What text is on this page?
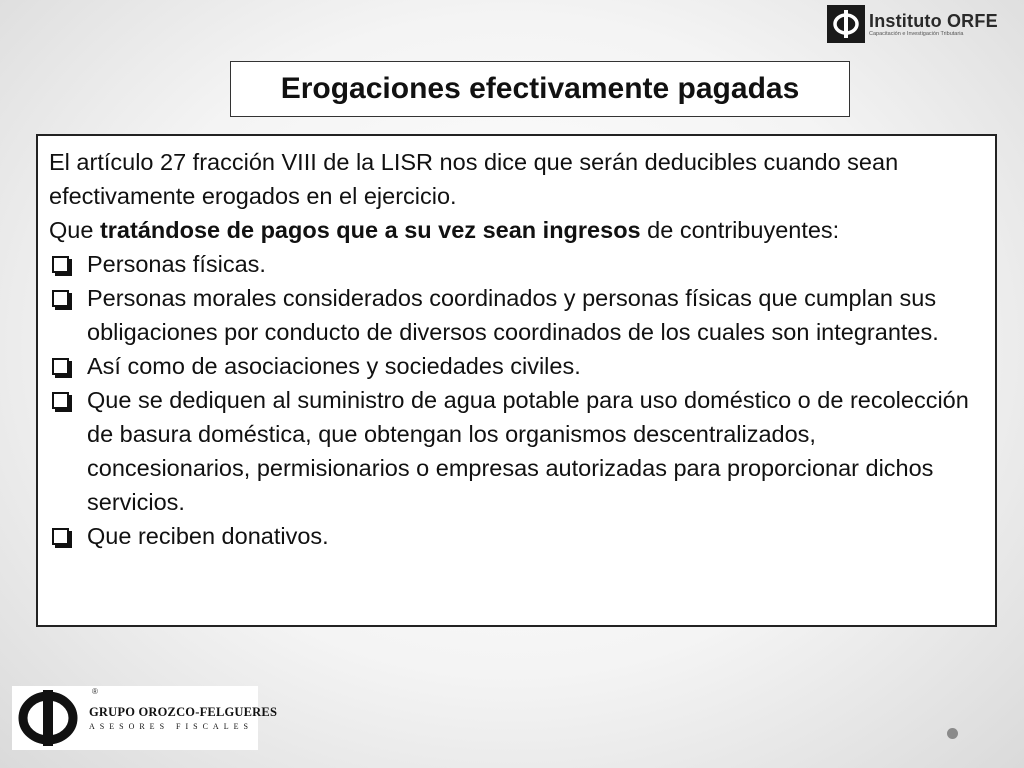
Instituto ORFE
Capacitación e Investigación Tributaria
Erogaciones efectivamente pagadas

El artículo 27 fracción VIII de la LISR nos dice que serán deducibles cuando sean efectivamente erogados en el ejercicio.

Que tratándose de pagos que a su vez sean ingresos de contribuyentes:

Personas físicas.
Personas morales considerados coordinados y personas físicas que cumplan sus obligaciones por conducto de diversos coordinados de los cuales son integrantes.
Así como de asociaciones y sociedades civiles.
Que se dediquen al suministro de agua potable para uso doméstico o de recolección de basura doméstica, que obtengan los organismos descentralizados, concesionarios, permisionarios o empresas autorizadas para proporcionar dichos servicios.
Que reciben donativos.
®
GRUPO OROZCO-FELGUERES
ASESORES FISCALES
